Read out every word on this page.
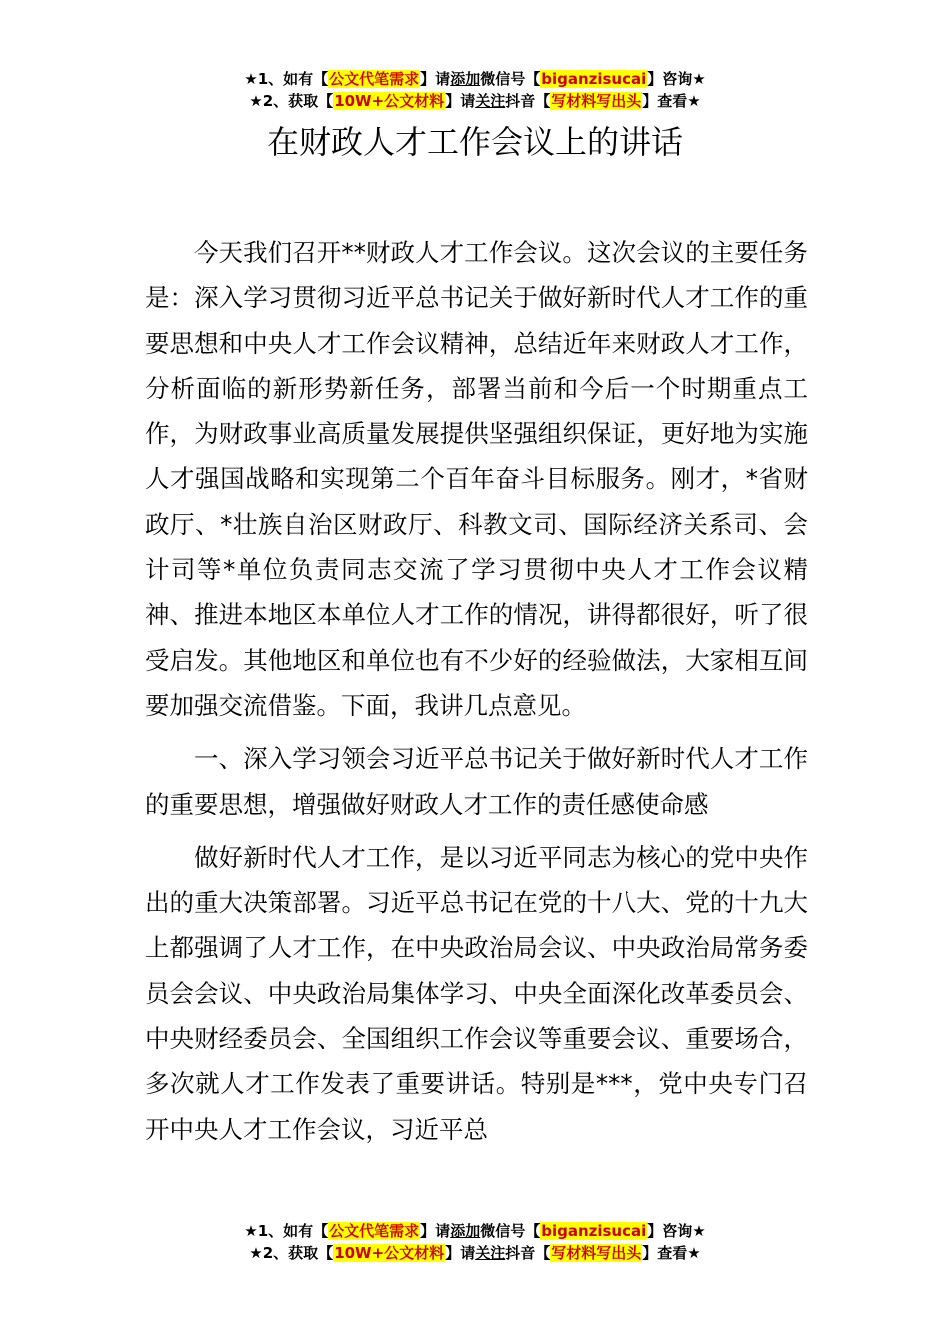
★1、如有【公文代笔需求】请添加微信号【biganzisucai】咨询★
★2、获取【10W+公文材料】请关注抖音【写材料写出头】查看★
在财政人才工作会议上的讲话

今天我们召开**财政人才工作会议。这次会议的主要任务是：深入学习贯彻习近平总书记关于做好新时代人才工作的重要思想和中央人才工作会议精神，总结近年来财政人才工作，分析面临的新形势新任务，部署当前和今后一个时期重点工作，为财政事业高质量发展提供坚强组织保证，更好地为实施人才强国战略和实现第二个百年奋斗目标服务。刚才，*省财政厅、*壮族自治区财政厅、科教文司、国际经济关系司、会计司等*单位负责同志交流了学习贯彻中央人才工作会议精神、推进本地区本单位人才工作的情况，讲得都很好，听了很受启发。其他地区和单位也有不少好的经验做法，大家相互间要加强交流借鉴。下面，我讲几点意见。

一、深入学习领会习近平总书记关于做好新时代人才工作的重要思想，增强做好财政人才工作的责任感使命感

做好新时代人才工作，是以习近平同志为核心的党中央作出的重大决策部署。习近平总书记在党的十八大、党的十九大上都强调了人才工作，在中央政治局会议、中央政治局常务委员会会议、中央政治局集体学习、中央全面深化改革委员会、中央财经委员会、全国组织工作会议等重要会议、重要场合，多次就人才工作发表了重要讲话。特别是***，党中央专门召开中央人才工作会议，习近平总

★1、如有【公文代笔需求】请添加微信号【biganzisucai】咨询★
★2、获取【10W+公文材料】请关注抖音【写材料写出头】查看★
